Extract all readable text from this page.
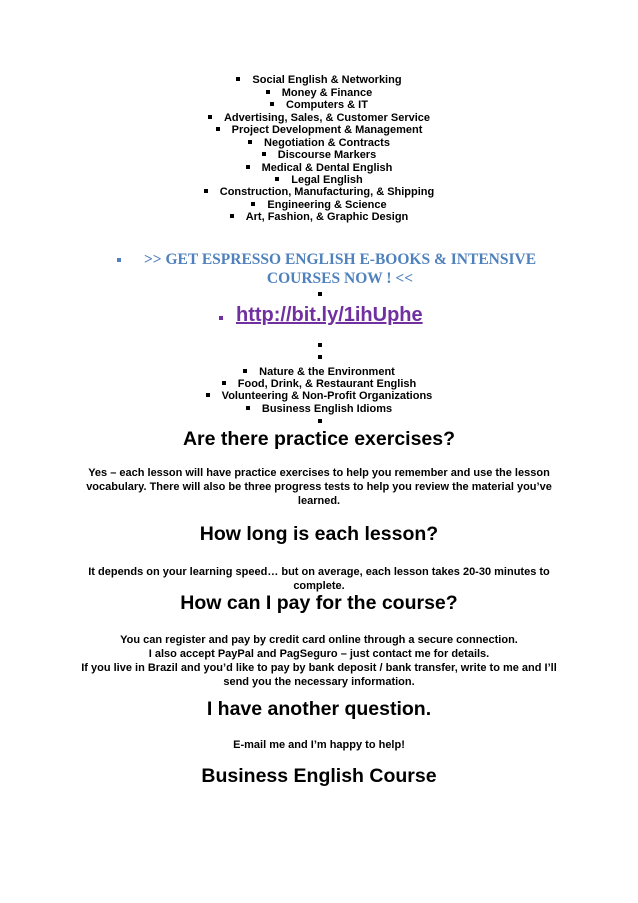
Social English & Networking
Money & Finance
Computers & IT
Advertising, Sales, & Customer Service
Project Development & Management
Negotiation & Contracts
Discourse Markers
Medical & Dental English
Legal English
Construction, Manufacturing, & Shipping
Engineering & Science
Art, Fashion, & Graphic Design
>> GET ESPRESSO ENGLISH E-BOOKS & INTENSIVE
COURSES NOW ! <<
http://bit.ly/1ihUphe
Nature & the Environment
Food, Drink, & Restaurant English
Volunteering & Non-Profit Organizations
Business English Idioms
Are there practice exercises?
Yes – each lesson will have practice exercises to help you remember and use the lesson
vocabulary. There will also be three progress tests to help you review the material you’ve
learned.
How long is each lesson?
It depends on your learning speed… but on average, each lesson takes 20-30 minutes to
complete.
How can I pay for the course?
You can register and pay by credit card online through a secure connection.
I also accept PayPal and PagSeguro – just contact me for details.
If you live in Brazil and you’d like to pay by bank deposit / bank transfer, write to me and I’ll
send you the necessary information.
I have another question.
E-mail me and I’m happy to help!
Business English Course
